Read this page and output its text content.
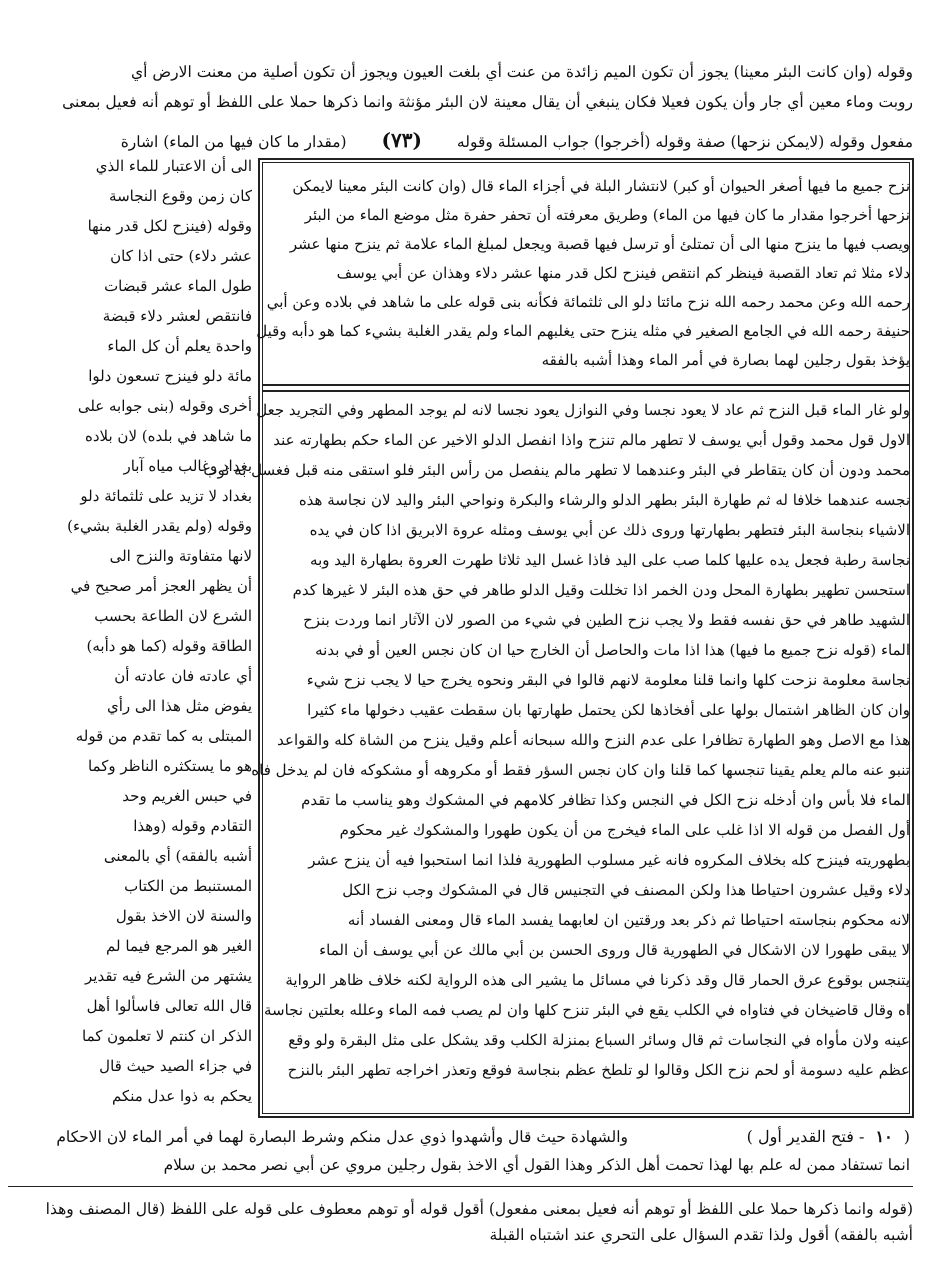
وقوله (وان كانت البئر معينا) يجوز أن تكون الميم زائدة من عنت أي بلغت العيون ويجوز أن تكون أصلية من معنت الارض أي
روبت وماء معين أي جار وأن يكون فعيلا فكان ينبغي أن يقال معينة لان البئر مؤنثة وانما ذكرها حملا على اللفظ أو توهم أنه فعيل بمعنى
مفعول وقوله (لايمكن نزحها) صفة وقوله (أخرجوا) جواب المسئلة وقوله (٧٣) (مقدار ما كان فيها من الماء) اشارة
نزح جميع ما فيها أصغر الحيوان أو كبر) لانتشار البلة في أجزاء الماء قال (وان كانت البئر معينا لايمكن
نزحها أخرجوا مقدار ما كان فيها من الماء) وطريق معرفته أن تحفر حفرة مثل موضع الماء من البئر
ويصب فيها ما ينزح منها الى أن تمتلئ أو ترسل فيها قصبة ويجعل لمبلغ الماء علامة ثم ينزح منها عشر
دلاء مثلا ثم تعاد القصبة فينظر كم انتقص فينزح لكل قدر منها عشر دلاء وهذان عن أبي يوسف
رحمه الله وعن محمد رحمه الله نزح مائتا دلو الى ثلثمائة فكأنه بنى قوله على ما شاهد في بلاده وعن أبي
حنيفة رحمه الله في الجامع الصغير في مثله ينزح حتى يغلبهم الماء ولم يقدر الغلبة بشيء كما هو دأبه وقيل
يؤخذ بقول رجلين لهما بصارة في أمر الماء وهذا أشبه بالفقه
ولو غار الماء قبل النزح ثم عاد لا يعود نجسا وفي النوازل يعود نجسا لانه لم يوجد المطهر وفي التجريد جعل
الاول قول محمد وقول أبي يوسف لا تطهر مالم تنزح واذا انفصل الدلو الاخير عن الماء حكم بطهارته عند
محمد ودون أن كان يتقاطر في البئر وعندهما لا تطهر مالم ينفصل من رأس البئر فلو استقى منه قبل فغسل به ثوب
نجسه عندهما خلافا له ثم طهارة البئر بطهر الدلو والرشاء والبكرة ونواحي البئر واليد لان نجاسة هذه
الاشياء بنجاسة البئر فتطهر بطهارتها وروى ذلك عن أبي يوسف ومثله عروة الابريق اذا كان في يده
نجاسة رطبة فجعل يده عليها كلما صب على اليد فاذا غسل اليد ثلاثا طهرت العروة بطهارة اليد وبه
استحسن تطهير بطهارة المحل ودن الخمر اذا تخللت وقيل الدلو طاهر في حق هذه البئر لا غيرها كدم
الشهيد طاهر في حق نفسه فقط ولا يجب نزح الطين في شيء من الصور لان الآثار انما وردت بنزح
الماء (قوله نزح جميع ما فيها) هذا اذا مات والحاصل أن الخارج حيا ان كان نجس العين أو في بدنه
نجاسة معلومة نزحت كلها وانما قلنا معلومة لانهم قالوا في البقر ونحوه يخرج حيا لا يجب نزح شيء
وان كان الظاهر اشتمال بولها على أفخاذها لكن يحتمل طهارتها بان سقطت عقيب دخولها ماء كثيرا
هذا مع الاصل وهو الطهارة تظافرا على عدم النزح والله سبحانه أعلم وقيل ينزح من الشاة كله والقواعد
تنبو عنه مالم يعلم يقينا تنجسها كما قلنا وان كان نجس السؤر فقط أو مكروهه أو مشكوكه فان لم يدخل فاه
الماء فلا بأس وان أدخله نزح الكل في النجس وكذا تظافر كلامهم في المشكوك وهو يناسب ما تقدم
أول الفصل من قوله الا اذا غلب على الماء فيخرج من أن يكون طهورا والمشكوك غير محكوم
بطهوريته فينزح كله بخلاف المكروه فانه غير مسلوب الطهورية فلذا انما استحبوا فيه أن ينزح عشر
دلاء وقيل عشرون احتياطا هذا ولكن المصنف في التجنيس قال في المشكوك وجب نزح الكل
لانه محكوم بنجاسته احتياطا ثم ذكر بعد ورقتين ان لعابهما يفسد الماء قال ومعنى الفساد أنه
لا يبقى طهورا لان الاشكال في الطهورية قال وروى الحسن بن أبي مالك عن أبي يوسف أن الماء
يتنجس بوقوع عرق الحمار قال وقد ذكرنا في مسائل ما يشير الى هذه الرواية لكنه خلاف ظاهر الرواية
اه وقال قاضيخان في فتاواه في الكلب يقع في البئر تنزح كلها وان لم يصب فمه الماء وعلله بعلتين نجاسة
عينه ولان مأواه في النجاسات ثم قال وسائر السباع بمنزلة الكلب وقد يشكل على مثل البقرة ولو وقع
عظم عليه دسومة أو لحم نزح الكل وقالوا لو تلطخ عظم بنجاسة فوقع وتعذر اخراجه تطهر البئر بالنزح
الى أن الاعتبار للماء الذي
كان زمن وقوع النجاسة
وقوله (فينزح لكل قدر منها
عشر دلاء) حتى اذا كان
طول الماء عشر قبضات
فانتقص لعشر دلاء قبضة
واحدة يعلم أن كل الماء
مائة دلو فينزح تسعون دلوا
أخرى وقوله (بنى جوابه على
ما شاهد في بلده) لان بلاده
بغداد وغالب مياه آبار
بغداد لا تزيد على ثلثمائة دلو
وقوله (ولم يقدر الغلبة بشيء)
لانها متفاوتة والنزح الى
أن يظهر العجز أمر صحيح في
الشرع لان الطاعة بحسب
الطاقة وقوله (كما هو دأبه)
أي عادته فان عادته أن
يفوض مثل هذا الى رأي
المبتلى به كما تقدم من قوله
هو ما يستكثره الناظر وكما
في حبس الغريم وحد
التقادم وقوله (وهذا
أشبه بالفقه) أي بالمعنى
المستنبط من الكتاب
والسنة لان الاخذ بقول
الغير هو المرجع فيما لم
يشتهر من الشرع فيه تقدير
قال الله تعالى فاسألوا أهل
الذكر ان كنتم لا تعلمون كما
في جزاء الصيد حيث قال
يحكم به ذوا عدل منكم
( ١٠ - فتح القدير أول )
والشهادة حيث قال وأشهدوا ذوي عدل منكم وشرط البصارة لهما في أمر الماء لان الاحكام
انما تستفاد ممن له علم بها لهذا تحمت أهل الذكر وهذا القول أي الاخذ بقول رجلين مروي عن أبي نصر محمد بن سلام
(قوله وانما ذكرها حملا على اللفظ أو توهم أنه فعيل بمعنى مفعول) أقول قوله أو توهم معطوف على قوله على اللفظ (قال المصنف وهذا
أشبه بالفقه) أقول ولذا تقدم السؤال على التحري عند اشتباه القبلة
